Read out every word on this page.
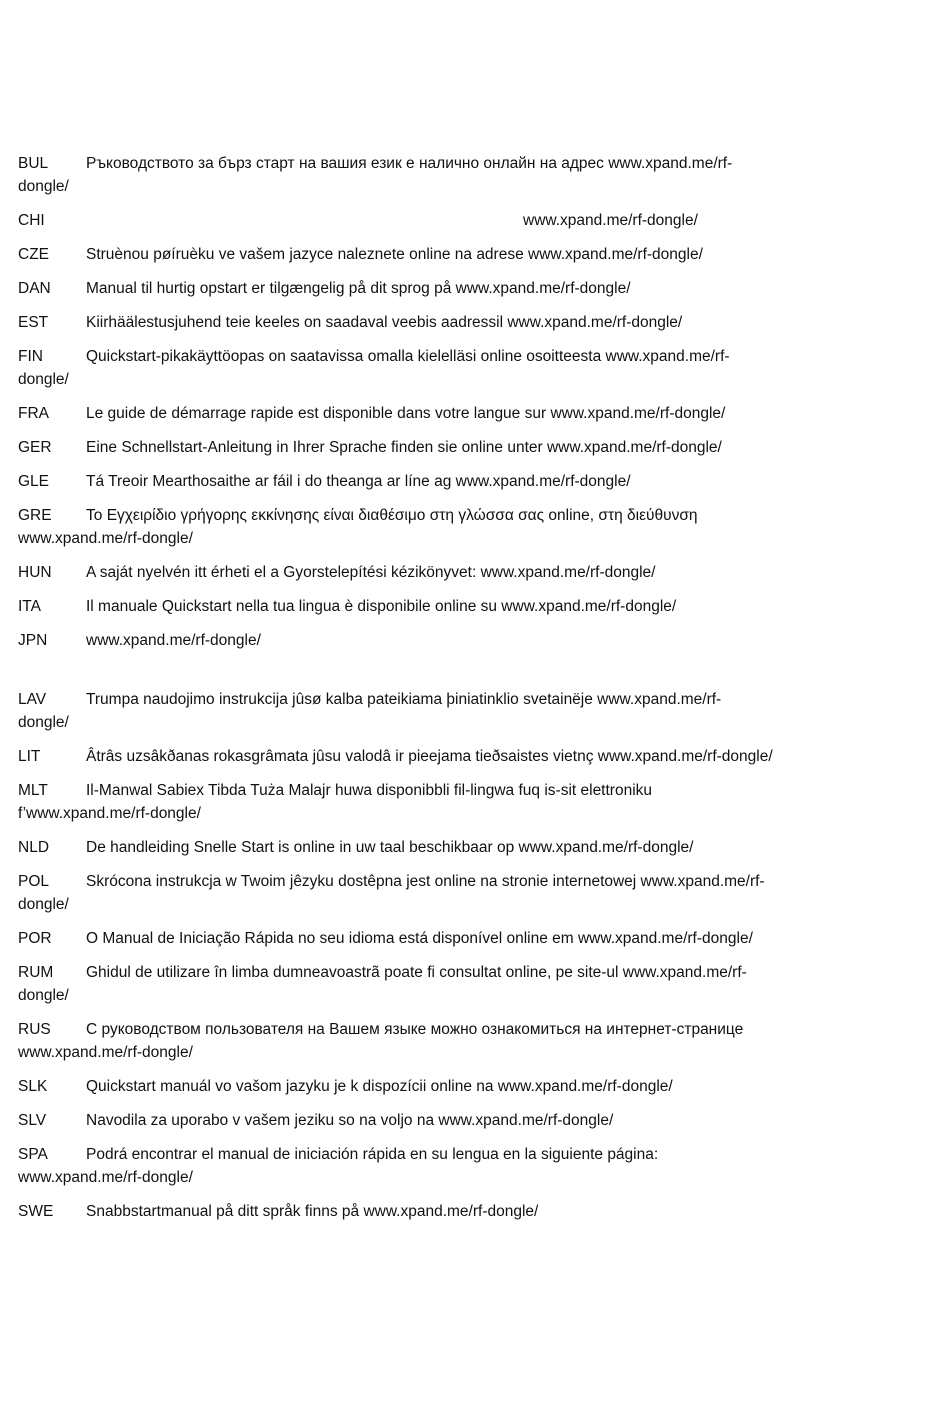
BUL Ръководството за бърз старт на вашия език е налично онлайн на адрес www.xpand.me/rf-
dongle/

CHI	www.xpand.me/rf-dongle/

CZE Struènou pøíruèku ve vašem jazyce naleznete online na adrese www.xpand.me/rf-dongle/

DAN Manual til hurtig opstart er tilgængelig på dit sprog på www.xpand.me/rf-dongle/

EST Kiirhäälestusjuhend teie keeles on saadaval veebis aadressil www.xpand.me/rf-dongle/

FIN	Quickstart-pikakäyttöopas on saatavissa omalla kielelläsi online osoitteesta www.xpand.me/rf-
dongle/

FRA Le guide de démarrage rapide est disponible dans votre langue sur www.xpand.me/rf-dongle/

GER Eine Schnellstart-Anleitung in Ihrer Sprache finden sie online unter www.xpand.me/rf-dongle/

GLE Tá Treoir Mearthosaithe ar fáil i do theanga ar líne ag www.xpand.me/rf-dongle/

GRE Το Εγχειρίδιο γρήγορης εκκίνησης είναι διαθέσιμο στη γλώσσα σας online, στη διεύθυνση
www.xpand.me/rf-dongle/

HUN A saját nyelvén itt érheti el a Gyorstelepítési kézikönyvet: www.xpand.me/rf-dongle/

ITA	Il manuale Quickstart nella tua lingua è disponibile online su www.xpand.me/rf-dongle/

JPN www.xpand.me/rf-dongle/

LAV	Trumpa naudojimo instrukcija jûsø kalba pateikiama þiniatinklio svetainëje www.xpand.me/rf-
dongle/

LIT	Âtrâs uzsâkðanas rokasgrâmata jûsu valodâ ir pieejama tieðsaistes vietnç www.xpand.me/rf-dongle/

MLT Il-Manwal Sabiex Tibda Tuża Malajr huwa disponibbli fil-lingwa fuq is-sit elettroniku
f’www.xpand.me/rf-dongle/

NLD De handleiding Snelle Start is online in uw taal beschikbaar op www.xpand.me/rf-dongle/

POL Skrócona instrukcja w Twoim jêzyku dostêpna jest online na stronie internetowej www.xpand.me/rf-
dongle/

POR O Manual de Iniciação Rápida no seu idioma está disponível online em www.xpand.me/rf-dongle/

RUM Ghidul de utilizare în limba dumneavoastrã poate fi consultat online, pe site-ul www.xpand.me/rf-
dongle/

RUS С руководством пользователя на Вашем языке можно ознакомиться на интернет-странице
www.xpand.me/rf-dongle/

SLK Quickstart manuál vo vašom jazyku je k dispozícii online na www.xpand.me/rf-dongle/

SLV	Navodila za uporabo v vašem jeziku so na voljo na www.xpand.me/rf-dongle/

SPA Podrá encontrar el manual de iniciación rápida en su lengua en la siguiente página:
www.xpand.me/rf-dongle/

SWE Snabbstartmanual på ditt språk finns på www.xpand.me/rf-dongle/
